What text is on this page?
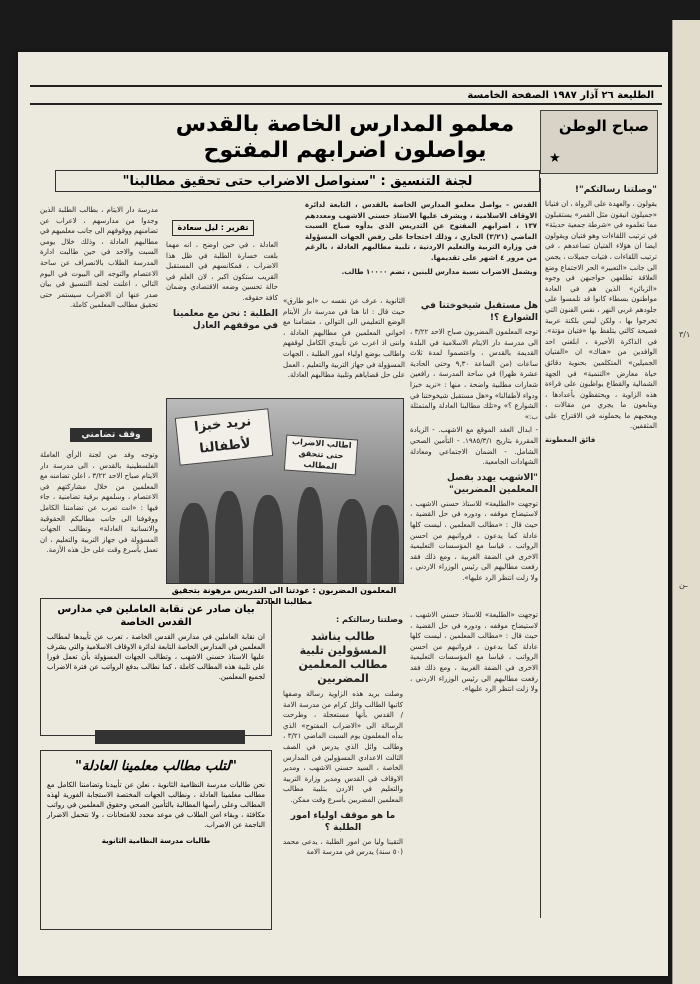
٣/١
ـن
الطليعة ٢٦ آذار ١٩٨٧ الصفحة الخامسة
معلمو المدارس الخاصة بالقدس
يواصلون اضرابهم المفتوح
لجنة التنسيق : "سنواصل الاضراب حتى تحقيق مطالبنا"
صباح الوطن
★
"وصلتنا رسالتكم"!

يقولون ، والعهدة على الرواة ، ان فتيانا «جميلون انيقون مثل القمر» يستقبلون مما تعلموه في «شرطة جمعية حديثة» في ترتيب اللقاءات وهو فتيان ويقولون ايضا ان هؤلاء الفتيان تساعدهم ، في ترتيب اللقاءات ، فتيات جميلات ، يجمن الى جانب «التعبير» الحر الاجتماع وضع العلاقة تطلعهن حواجبهن في وجوه «الزبائن» الذين هم في العادة مواطنون بسطاء كانوا قد تلمسوا على جلودهم غربي النهر ، نفس الفنون التي تخرجوا بها ، ولكن ليس بلكنة عربية فصيحة كالتي يتلفظ بها «فتيان مؤتة». في الذاكرة الأخيرة ، ابلغني احد الوافدين من «هناك» ان «الفتيان الجميلين» المتكلمين بحنوية دقائق حياة معارض «التنمية» في الجهة الشمالية والقطاع يواظبون على قراءة هذه الزاوية ، ويحتفظون بأعدادها ، ويتابعون ما يجري من مقالات ، ويعجبهم ما يحملونه في الاقتراح على المثقفين.

فائق المعطونة

القدس - يواصل معلمو المدارس الخاصة بالقدس ، التابعة لدائرة الاوقاف الاسلامية ، ويشرف عليها الاستاذ حسني الاشهب ومعددهم ١٣٧ ، اضرابهم المفتوح عن التدريس الذي بدأوه صباح السبت الماضي (٣/٢١) الجاري ، وذلك احتجاجا على رفض الجهات المسؤولة في وزارة التربية والتعليم الاردنية ، تلبية مطالبهم العادلة ، بالرغم من مرور ٤ اشهر على تقديمها.

ويشمل الاضراب نسبة مدارس للبنين ، تضم ١٠٠٠٠ طالب.

هل مستقبل شيخوختنا في الشوارع ؟!

توجه المعلمون المضربون صباح الاحد ٣/٢٢ ، الى مدرسة دار الايتام الاسلامية في البلدة القديمة بالقدس ، واعتصموا لمدة ثلاث ساعات (من الساعة ٩,٣٠ وحتى الحادية عشرة ظهرا) في ساحة المدرسة ، رافعين شعارات مطلبية واضحة ، منها : «نريد خبزا ودواء لأطفالنا» و«هل مستقبل شيخوختنا في الشوارع ؟» و«تلك مطالبنا العادلة والمتمثلة ب:»

- ابدال العقد الموقع مع الاشهب. - الزيادة المقررة بتاريخ ١٩٨٥/٣/١. - التأمين الصحي الشامل. - الضمان الاجتماعي ومعادلة الشهادات الجامعية.

"الاشهب يهدد بفصل المعلمين المضربين"

توجهت «الطليعة» للاستاذ حسني الاشهب ، لاستيضاح موقفه ، ودوره في حل القضية ، حيث قال : «مطالب المعلمين ، ليست كلها عادلة كما يدعون ، فرواتبهم من احسن الرواتب ، قياسا مع المؤسسات التعليمية الاخرى في الضفة الغربية ، ومع ذلك فقد رفعت مطالبهم الى رئيس الوزراء الاردني ، ولا زلت انتظر الرد عليها».

الثانوية ، عرف عن نفسه ب «ابو طارق» حيث قال : انا هنا في مدرسة دار الأيتام الوضع التعليمي الى التوالي ، متضامنا مع اخواني المعلمين في مطالبهم العادلة ، واننى اذ اعرب عن تأييدي الكامل لوقفهم واطالب بوضع اولياء امور الطلبة ، الجهات المسؤولة في جهاز التربية والتعليم ، العمل على حل قضاياهم وتلبية مطالبهم العادلة.

تقرير : ليل سعادة

مدرسة دار الايتام ، بطالب الطلبة الذين وجدوا من مدارسهم ، لاعراب عن تضامنهم ووقوفهم الى جانب معلميهم في مطالبهم العادلة ، وذلك خلال يومي السبت والاحد في حين طالبت ادارة المدرسة الطلاب بالانصراف عن ساحة الاعتصام والتوجه الى البيوت في اليوم التالي ، اعلنت لجنة التنسيق في بيان صدر عنها ان الاضراب سيستمر حتى تحقيق مطالب المعلمين كاملة.

العادلة ، في حين اوضح ، انه مهما بلغت خسارة الطلبة في ظل هذا الاضراب ، فمكانسهم في المستقبل القريب ستكون اكبر ، لان العلم في حالة تحسين وضعه الاقتصادي وضمان كافة حقوقه.

الطلبة : نحن مع معلمينا في موقفهم العادل
وقف تضامني

وتوجه وفد من لجنة الرأي العاملة الفلسطينية بالقدس ، الى مدرسة دار الايتام صباح الاحد ٣/٢٢ ، اعلن تضامنه مع المعلمين من خلال مشاركتهم في الاعتصام ، وسلمهم برقية تضامنية ، جاء فيها : «انت تعرب عن تضامننا الكامل ووقوفنا الى جانب مطالبكم الحقوقية والانسانية العادلة» ونطالب الجهات المسؤولة في جهاز التربية والتعليم ، ان تعمل بأسرع وقت على حل هذه الأزمة.

نريد خبزا لأطفالنا	اطالب الاضراب حتى تتحقق المطالب
المعلمون المضربون : عودتنا الى التدريس مرهونة بتحقيق مطالبنا العادلة
بيان صادر عن نقابة العاملين في مدارس القدس الخاصة
ان نقابة العاملين في مدارس القدس الخاصة ، تعرب عن تأييدها لمطالب المعلمين في المدارس الخاصة التابعة لدائرة الاوقاف الاسلامية والتي يشرف عليها الاستاذ حسني الاشهب ، وتطالب الجهات المسؤولة بأن تعمل فورا على تلبية هذه المطالب كاملة ، كما نطالب بدفع الرواتب عن فترة الاضراب لجميع المعلمين.
وصلتنا رسالتكم :
طالب يناشد المسؤولين تلبية مطالب المعلمين المضربين

وصلت بريد هذه الزاوية رسالة وصفها كاتبها الطالب وائل كرام من مدرسة الامة / القدس بأنها مستعجلة ، وطرحت الرسالة الى «الاضراب المفتوح» الذي بدأه المعلمون يوم السبت الماضي ٣/٢١ ، وطالب وائل الذي يدرس في الصف الثالث الاعدادي المسؤولين في المدارس الخاصة ، السيد حسني الاشهب ، ومدير الاوقاف في القدس ومدير وزارة التربية والتعليم في الاردن بتلبية مطالب المعلمين المضربين بأسرع وقت ممكن.

ما هو موقف اولياء امور الطلبة ؟

التقينا وليا من امور الطلبة ، يدعى محمد (٥٠ سنة) يدرس في مدرسة الامة

توجهت «الطليعة» للاستاذ حسني الاشهب ، لاستيضاح موقفه ، ودوره في حل القضية ، حيث قال : «مطالب المعلمين ، ليست كلها عادلة كما يدعون ، فرواتبهم من احسن الرواتب ، قياسا مع المؤسسات التعليمية الاخرى في الضفة الغربية ، ومع ذلك فقد رفعت مطالبهم الى رئيس الوزراء الاردني ، ولا زلت انتظر الرد عليها».

"لتلب مطالب معلمينا العادلة"
نحن طالبات مدرسة النظامية الثانوية ، نعلن عن تأييدنا وتضامننا الكامل مع مطالب معلمينا العادلة ، ونطالب الجهات المختصة الاستجابة الفورية لهذه المطالب وعلى رأسها المطالبة بالتأمين الصحي وحقوق المعلمين في رواتب مكافئة ، وبقاء امن الطلاب في موعد محدد للامتحانات ، ولا نتحمل الاضرار الناجمة عن الاضراب.
طالبات مدرسة النظامية الثانوية
